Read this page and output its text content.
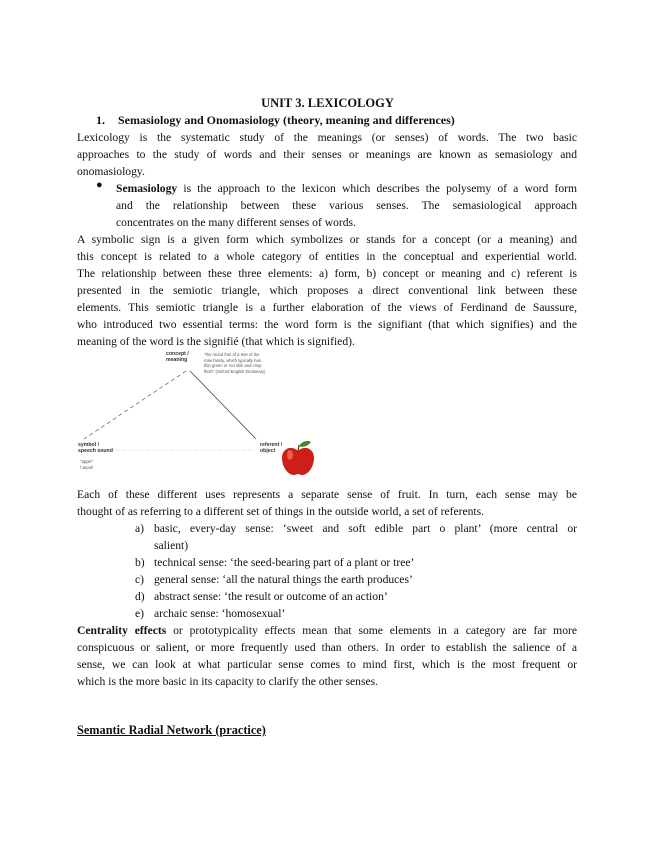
UNIT 3. LEXICOLOGY
1. Semasiology and Onomasiology (theory, meaning and differences)
Lexicology is the systematic study of the meanings (or senses) of words. The two basic
approaches to the study of words and their senses or meanings are known as semasiology and
onomasiology.
● Semasiology is the approach to the lexicon which describes the polysemy of a word form
and the relationship between these various senses. The semasiological approach
concentrates on the many different senses of words.
A symbolic sign is a given form which symbolizes or stands for a concept (or a meaning) and
this concept is related to a whole category of entities in the conceptual and experiential world.
The relationship between these three elements: a) form, b) concept or meaning and c) referent is
presented in the semiotic triangle, which proposes a direct conventional link between these
elements. This semiotic triangle is a further elaboration of the views of Ferdinand de Saussure,
who introduced two essential terms: the word form is the signifiant (that which signifies) and the
meaning of the word is the signifié (that which is signified).
concept /
meaning
"the round fruit of a tree of the
rose family, which typically has
thin green or red skin and crisp
flesh" (Oxford English Dictionary)
symbol /
speech sound
"apple"
/ˈæpəl/
referent /
object
Each of these different uses represents a separate sense of fruit. In turn, each sense may be
thought of as referring to a different set of things in the outside world, a set of referents.
a) basic, every-day sense: ‘sweet and soft edible part o plant’ (more central or
salient)
b) technical sense: ‘the seed-bearing part of a plant or tree’
c) general sense: ‘all the natural things the earth produces’
d) abstract sense: ‘the result or outcome of an action’
e) archaic sense: ‘homosexual’
Centrality effects or prototypicality effects mean that some elements in a category are far more
conspicuous or salient, or more frequently used than others. In order to establish the salience of a
sense, we can look at what particular sense comes to mind first, which is the most frequent or
which is the more basic in its capacity to clarify the other senses.
Semantic Radial Network (practice)
